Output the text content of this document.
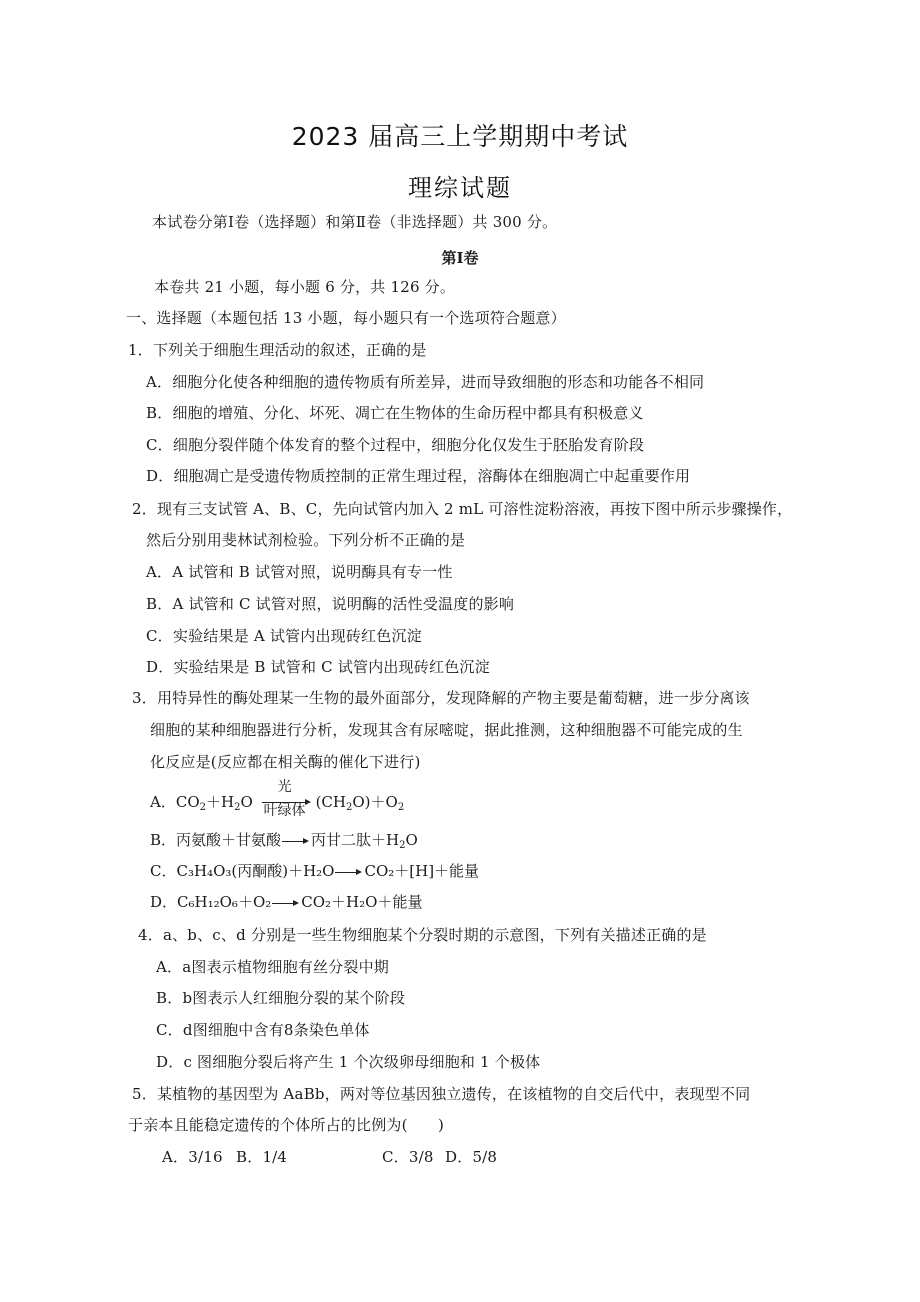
2023 届高三上学期期中考试
理综试题
本试卷分第Ⅰ卷（选择题）和第Ⅱ卷（非选择题）共 300 分。
第Ⅰ卷
本卷共 21 小题，每小题 6 分，共 126 分。
一、选择题（本题包括 13 小题，每小题只有一个选项符合题意）
1．下列关于细胞生理活动的叙述，正确的是
A．细胞分化使各种细胞的遗传物质有所差异，进而导致细胞的形态和功能各不相同
B．细胞的增殖、分化、坏死、凋亡在生物体的生命历程中都具有积极意义
C．细胞分裂伴随个体发育的整个过程中，细胞分化仅发生于胚胎发育阶段
D．细胞凋亡是受遗传物质控制的正常生理过程，溶酶体在细胞凋亡中起重要作用
2．现有三支试管 A、B、C，先向试管内加入 2 mL 可溶性淀粉溶液，再按下图中所示步骤操作，
然后分别用斐林试剂检验。下列分析不正确的是
A．A 试管和 B 试管对照，说明酶具有专一性
B．A 试管和 C 试管对照，说明酶的活性受温度的影响
C．实验结果是 A 试管内出现砖红色沉淀
D．实验结果是 B 试管和 C 试管内出现砖红色沉淀
3．用特异性的酶处理某一生物的最外面部分，发现降解的产物主要是葡萄糖，进一步分离该
细胞的某种细胞器进行分析，发现其含有尿嘧啶，据此推测，这种细胞器不可能完成的生
化反应是(反应都在相关酶的催化下进行)
A．$CO_2+H_2O$
光
叶绿体 $(CH_2O)+O_2$
B．丙氨酸＋甘氨酸 丙甘二肽$+H_2O$
C．C₃H₄O₃(丙酮酸)＋H₂O CO₂＋[H]＋能量
D．C₆H₁₂O₆＋O₂ CO₂＋H₂O＋能量
4．a、b、c、d 分别是一些生物细胞某个分裂时期的示意图，下列有关描述正确的是
A．a图表示植物细胞有丝分裂中期
B．b图表示人红细胞分裂的某个阶段
C．d图细胞中含有8条染色单体
D．c 图细胞分裂后将产生 1 个次级卵母细胞和 1 个极体
5．某植物的基因型为 AaBb，两对等位基因独立遗传，在该植物的自交后代中，表现型不同
于亲本且能稳定遗传的个体所占的比例为(　　)
A．3/16 B．1/4	C．3/8 D．5/8
